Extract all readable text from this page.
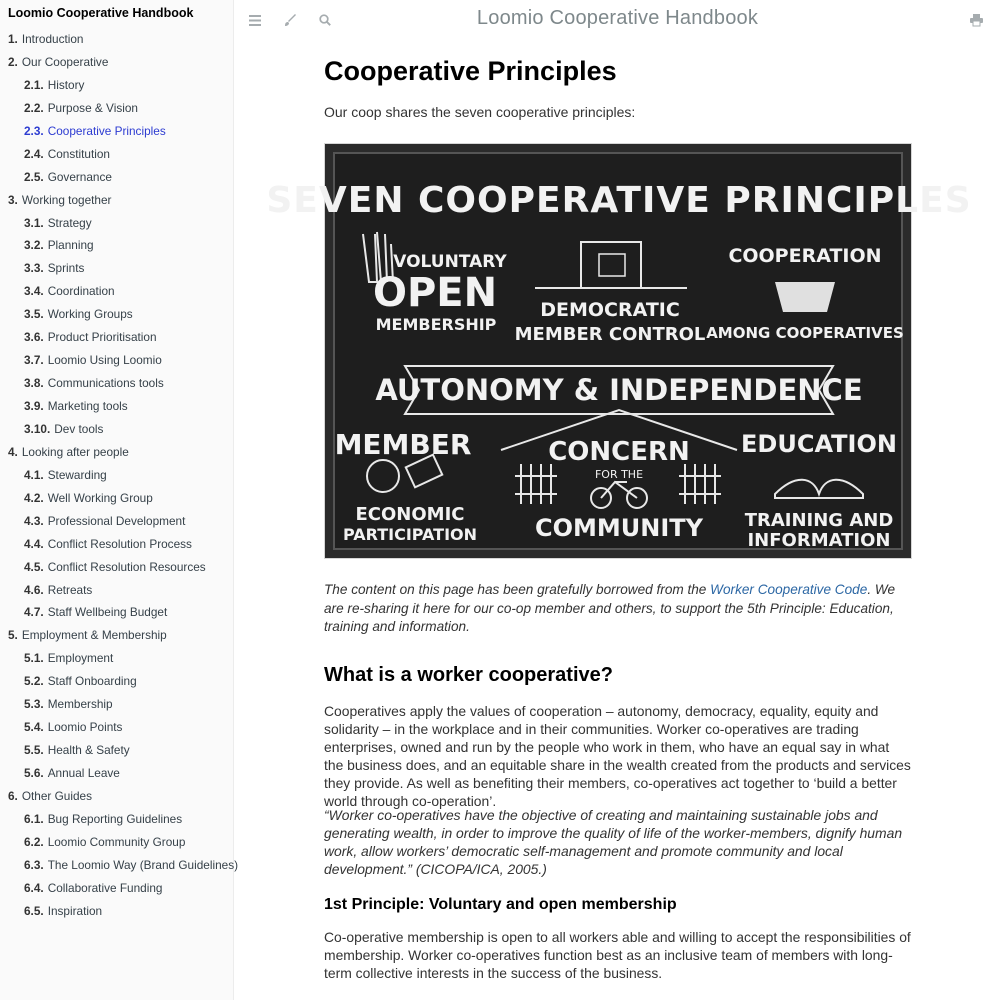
Loomio Cooperative Handbook
1. Introduction
2. Our Cooperative
2.1. History
2.2. Purpose & Vision
2.3. Cooperative Principles
2.4. Constitution
2.5. Governance
3. Working together
3.1. Strategy
3.2. Planning
3.3. Sprints
3.4. Coordination
3.5. Working Groups
3.6. Product Prioritisation
3.7. Loomio Using Loomio
3.8. Communications tools
3.9. Marketing tools
3.10. Dev tools
4. Looking after people
4.1. Stewarding
4.2. Well Working Group
4.3. Professional Development
4.4. Conflict Resolution Process
4.5. Conflict Resolution Resources
4.6. Retreats
4.7. Staff Wellbeing Budget
5. Employment & Membership
5.1. Employment
5.2. Staff Onboarding
5.3. Membership
5.4. Loomio Points
5.5. Health & Safety
5.6. Annual Leave
6. Other Guides
6.1. Bug Reporting Guidelines
6.2. Loomio Community Group
6.3. The Loomio Way (Brand Guidelines)
6.4. Collaborative Funding
6.5. Inspiration
Loomio Cooperative Handbook
Cooperative Principles

Our coop shares the seven cooperative principles:

SEVEN COOPERATIVE PRINCIPLES
VOLUNTARY
OPEN
MEMBERSHIP
DEMOCRATIC
MEMBER CONTROL
COOPERATION
AMONG COOPERATIVES
AUTONOMY & INDEPENDENCE
MEMBER
ECONOMIC
PARTICIPATION
CONCERN
FOR THE
COMMUNITY
EDUCATION
TRAINING AND
INFORMATION

The content on this page has been gratefully borrowed from the Worker Cooperative Code. We are re-sharing it here for our co-op member and others, to support the 5th Principle: Education, training and information.

What is a worker cooperative?

Cooperatives apply the values of cooperation – autonomy, democracy, equality, equity and solidarity – in the workplace and in their communities. Worker co-operatives are trading enterprises, owned and run by the people who work in them, who have an equal say in what the business does, and an equitable share in the wealth created from the products and services they provide. As well as benefiting their members, co-operatives act together to ‘build a better world through co-operation’.

“Worker co-operatives have the objective of creating and maintaining sustainable jobs and generating wealth, in order to improve the quality of life of the worker-members, dignify human work, allow workers’ democratic self-management and promote community and local development.” (CICOPA/ICA, 2005.)

1st Principle: Voluntary and open membership

Co-operative membership is open to all workers able and willing to accept the responsibilities of membership. Worker co-operatives function best as an inclusive team of members with long-term collective interests in the success of the business.
